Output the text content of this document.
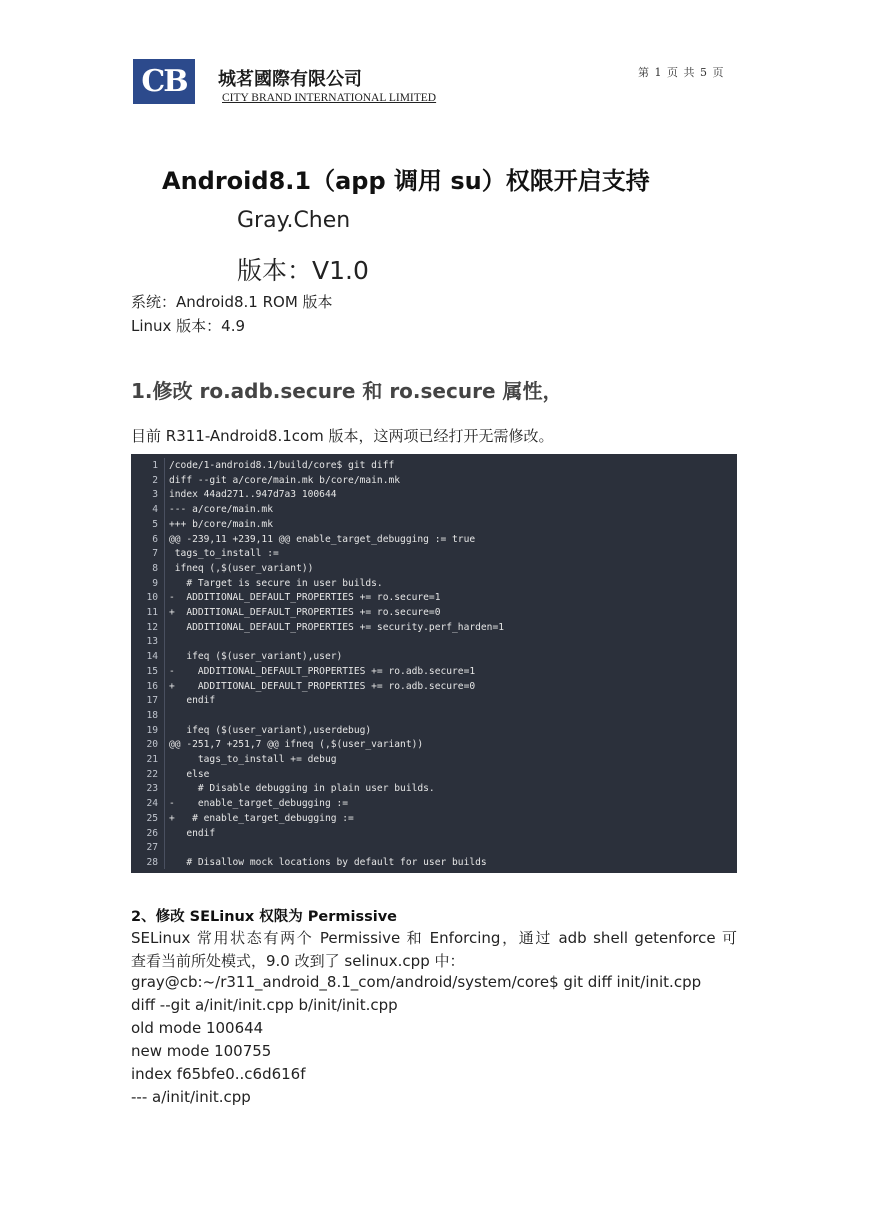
CB	城茗國際有限公司
CITY BRAND INTERNATIONAL LIMITED
第 1 页 共 5 页
Android8.1（app 调用 su）权限开启支持
Gray.Chen
版本：V1.0
系统：Android8.1 ROM 版本
Linux 版本：4.9
1.修改 ro.adb.secure 和 ro.secure 属性，
目前 R311-Android8.1com 版本，这两项已经打开无需修改。
1 /code/1-android8.1/build/core$ git diff
2 diff --git a/core/main.mk b/core/main.mk
3 index 44ad271..947d7a3 100644
4 --- a/core/main.mk
5 +++ b/core/main.mk
6 @@ -239,11 +239,11 @@ enable_target_debugging := true
7 tags_to_install :=
8 ifneq (,$(user_variant))
9 # Target is secure in user builds.
10 -  ADDITIONAL_DEFAULT_PROPERTIES += ro.secure=1
11 +  ADDITIONAL_DEFAULT_PROPERTIES += ro.secure=0
12 ADDITIONAL_DEFAULT_PROPERTIES += security.perf_harden=1
13
14 ifeq ($(user_variant),user)
15 -    ADDITIONAL_DEFAULT_PROPERTIES += ro.adb.secure=1
16 +    ADDITIONAL_DEFAULT_PROPERTIES += ro.adb.secure=0
17 endif
18
19 ifeq ($(user_variant),userdebug)
20 @@ -251,7 +251,7 @@ ifneq (,$(user_variant))
21 tags_to_install += debug
22 else
23 # Disable debugging in plain user builds.
24 -    enable_target_debugging :=
25 +   # enable_target_debugging :=
26 endif
27
28 # Disallow mock locations by default for user builds
2、修改 SELinux 权限为 Permissive
SELinux 常用状态有两个 Permissive 和 Enforcing，通过 adb shell getenforce 可
查看当前所处模式，9.0 改到了 selinux.cpp 中：
gray@cb:~/r311_android_8.1_com/android/system/core$ git diff init/init.cpp
diff --git a/init/init.cpp b/init/init.cpp
old mode 100644
new mode 100755
index f65bfe0..c6d616f
--- a/init/init.cpp
